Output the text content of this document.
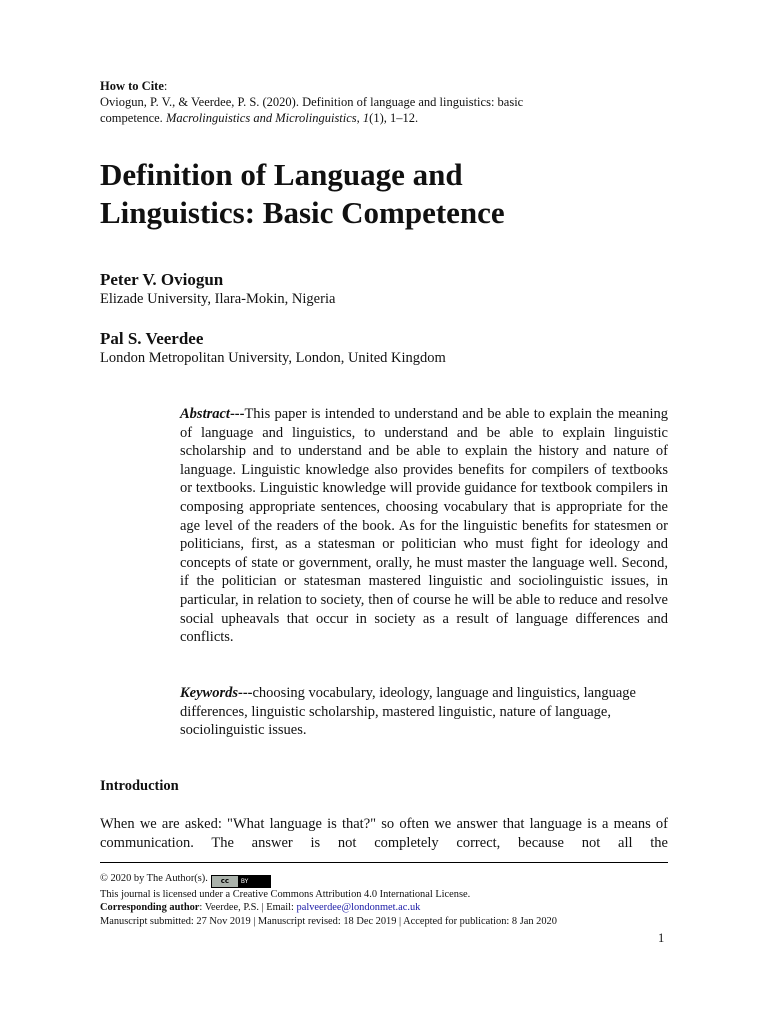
How to Cite:
Oviogun, P. V., & Veerdee, P. S. (2020). Definition of language and linguistics: basic
competence. Macrolinguistics and Microlinguistics, 1(1), 1–12.
Definition of Language and
Linguistics: Basic Competence
Peter V. Oviogun
Elizade University, Ilara-Mokin, Nigeria
Pal S. Veerdee
London Metropolitan University, London, United Kingdom

Abstract---This paper is intended to understand and be able to explain the meaning of language and linguistics, to understand and be able to explain linguistic scholarship and to understand and be able to explain the history and nature of language. Linguistic knowledge also provides benefits for compilers of textbooks or textbooks. Linguistic knowledge will provide guidance for textbook compilers in composing appropriate sentences, choosing vocabulary that is appropriate for the age level of the readers of the book. As for the linguistic benefits for statesmen or politicians, first, as a statesman or politician who must fight for ideology and concepts of state or government, orally, he must master the language well. Second, if the politician or statesman mastered linguistic and sociolinguistic issues, in particular, in relation to society, then of course he will be able to reduce and resolve social upheavals that occur in society as a result of language differences and conflicts.

Keywords---choosing vocabulary, ideology, language and linguistics, language differences, linguistic scholarship, mastered linguistic, nature of language, sociolinguistic issues.

Introduction

When we are asked: "What language is that?" so often we answer that language is a means of communication. The answer is not completely correct, because not all the

© 2020 by The Author(s).	cc	BY
This journal is licensed under a Creative Commons Attribution 4.0 International License.
Corresponding author: Veerdee, P.S. | Email: palveerdee@londonmet.ac.uk
Manuscript submitted: 27 Nov 2019 | Manuscript revised: 18 Dec 2019 | Accepted for publication: 8 Jan 2020
1
